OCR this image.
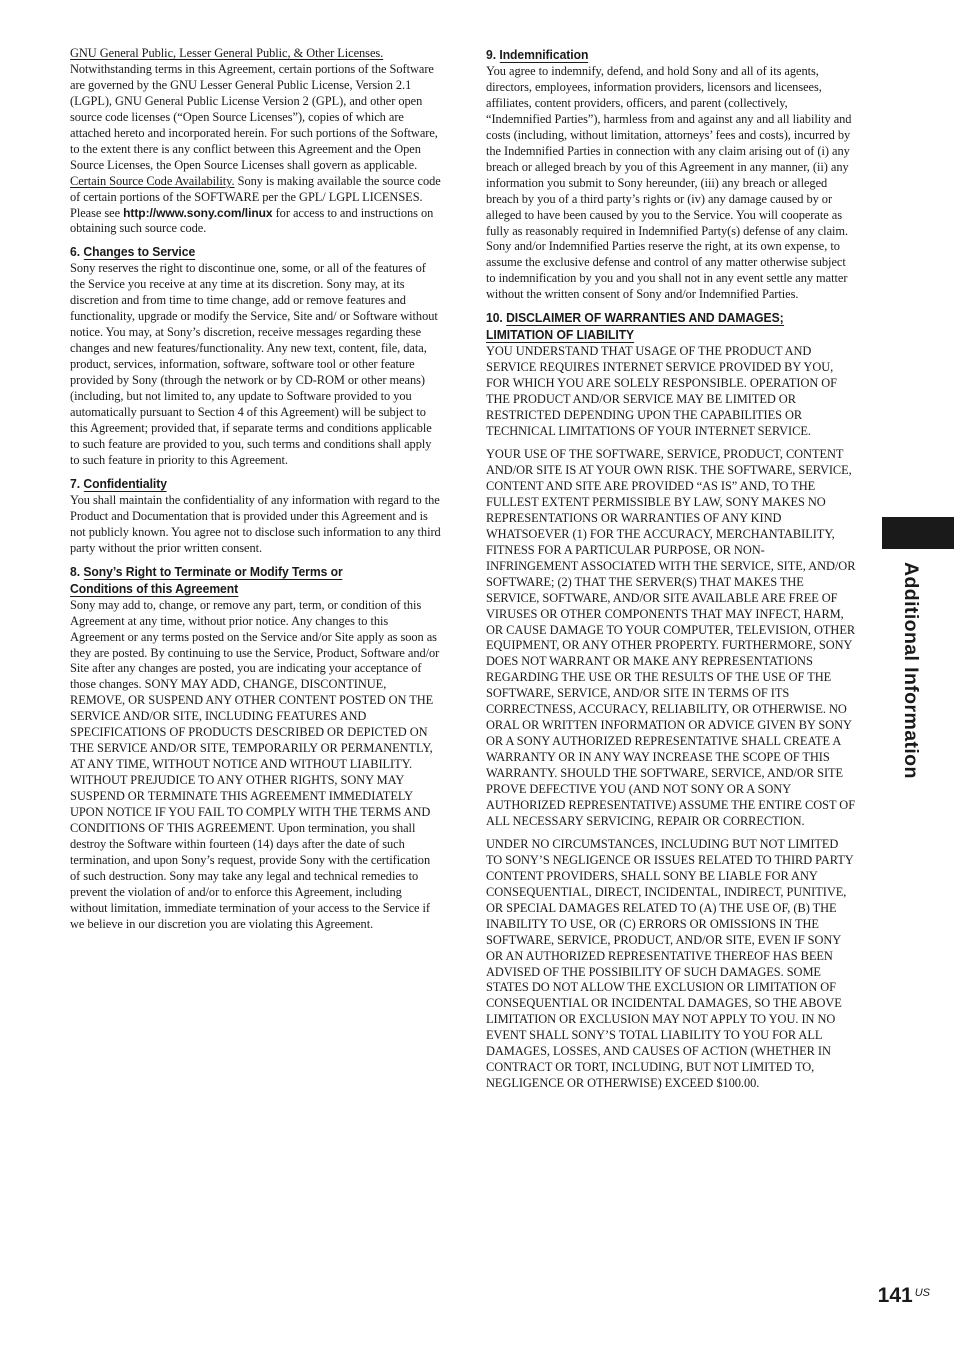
GNU General Public, Lesser General Public, & Other Licenses. Notwithstanding terms in this Agreement, certain portions of the Software are governed by the GNU Lesser General Public License, Version 2.1 (LGPL), GNU General Public License Version 2 (GPL), and other open source code licenses (“Open Source Licenses”), copies of which are attached hereto and incorporated herein. For such portions of the Software, to the extent there is any conflict between this Agreement and the Open Source Licenses, the Open Source Licenses shall govern as applicable.

Certain Source Code Availability. Sony is making available the source code of certain portions of the SOFTWARE per the GPL/ LGPL LICENSES. Please see http://www.sony.com/linux for access to and instructions on obtaining such source code.

6. Changes to Service

Sony reserves the right to discontinue one, some, or all of the features of the Service you receive at any time at its discretion. Sony may, at its discretion and from time to time change, add or remove features and functionality, upgrade or modify the Service, Site and/ or Software without notice. You may, at Sony’s discretion, receive messages regarding these changes and new features/functionality. Any new text, content, file, data, product, services, information, software, software tool or other feature provided by Sony (through the network or by CD-ROM or other means) (including, but not limited to, any update to Software provided to you automatically pursuant to Section 4 of this Agreement) will be subject to this Agreement; provided that, if separate terms and conditions applicable to such feature are provided to you, such terms and conditions shall apply to such feature in priority to this Agreement.

7. Confidentiality

You shall maintain the confidentiality of any information with regard to the Product and Documentation that is provided under this Agreement and is not publicly known. You agree not to disclose such information to any third party without the prior written consent.

8. Sony’s Right to Terminate or Modify Terms or
Conditions of this Agreement

Sony may add to, change, or remove any part, term, or condition of this Agreement at any time, without prior notice. Any changes to this Agreement or any terms posted on the Service and/or Site apply as soon as they are posted. By continuing to use the Service, Product, Software and/or Site after any changes are posted, you are indicating your acceptance of those changes. SONY MAY ADD, CHANGE, DISCONTINUE, REMOVE, OR SUSPEND ANY OTHER CONTENT POSTED ON THE SERVICE AND/OR SITE, INCLUDING FEATURES AND SPECIFICATIONS OF PRODUCTS DESCRIBED OR DEPICTED ON THE SERVICE AND/OR SITE, TEMPORARILY OR PERMANENTLY, AT ANY TIME, WITHOUT NOTICE AND WITHOUT LIABILITY. WITHOUT PREJUDICE TO ANY OTHER RIGHTS, SONY MAY SUSPEND OR TERMINATE THIS AGREEMENT IMMEDIATELY UPON NOTICE IF YOU FAIL TO COMPLY WITH THE TERMS AND CONDITIONS OF THIS AGREEMENT. Upon termination, you shall destroy the Software within fourteen (14) days after the date of such termination, and upon Sony’s request, provide Sony with the certification of such destruction. Sony may take any legal and technical remedies to prevent the violation of and/or to enforce this Agreement, including without limitation, immediate termination of your access to the Service if we believe in our discretion you are violating this Agreement.

9. Indemnification

You agree to indemnify, defend, and hold Sony and all of its agents, directors, employees, information providers, licensors and licensees, affiliates, content providers, officers, and parent (collectively, “Indemnified Parties”), harmless from and against any and all liability and costs (including, without limitation, attorneys’ fees and costs), incurred by the Indemnified Parties in connection with any claim arising out of (i) any breach or alleged breach by you of this Agreement in any manner, (ii) any information you submit to Sony hereunder, (iii) any breach or alleged breach by you of a third party’s rights or (iv) any damage caused by or alleged to have been caused by you to the Service. You will cooperate as fully as reasonably required in Indemnified Party(s) defense of any claim. Sony and/or Indemnified Parties reserve the right, at its own expense, to assume the exclusive defense and control of any matter otherwise subject to indemnification by you and you shall not in any event settle any matter without the written consent of Sony and/or Indemnified Parties.

10. DISCLAIMER OF WARRANTIES AND DAMAGES;
LIMITATION OF LIABILITY

YOU UNDERSTAND THAT USAGE OF THE PRODUCT AND SERVICE REQUIRES INTERNET SERVICE PROVIDED BY YOU, FOR WHICH YOU ARE SOLELY RESPONSIBLE. OPERATION OF THE PRODUCT AND/OR SERVICE MAY BE LIMITED OR RESTRICTED DEPENDING UPON THE CAPABILITIES OR TECHNICAL LIMITATIONS OF YOUR INTERNET SERVICE.

YOUR USE OF THE SOFTWARE, SERVICE, PRODUCT, CONTENT AND/OR SITE IS AT YOUR OWN RISK. THE SOFTWARE, SERVICE, CONTENT AND SITE ARE PROVIDED “AS IS” AND, TO THE FULLEST EXTENT PERMISSIBLE BY LAW, SONY MAKES NO REPRESENTATIONS OR WARRANTIES OF ANY KIND WHATSOEVER (1) FOR THE ACCURACY, MERCHANTABILITY, FITNESS FOR A PARTICULAR PURPOSE, OR NON-INFRINGEMENT ASSOCIATED WITH THE SERVICE, SITE, AND/OR SOFTWARE; (2) THAT THE SERVER(S) THAT MAKES THE SERVICE, SOFTWARE, AND/OR SITE AVAILABLE ARE FREE OF VIRUSES OR OTHER COMPONENTS THAT MAY INFECT, HARM, OR CAUSE DAMAGE TO YOUR COMPUTER, TELEVISION, OTHER EQUIPMENT, OR ANY OTHER PROPERTY. FURTHERMORE, SONY DOES NOT WARRANT OR MAKE ANY REPRESENTATIONS REGARDING THE USE OR THE RESULTS OF THE USE OF THE SOFTWARE, SERVICE, AND/OR SITE IN TERMS OF ITS CORRECTNESS, ACCURACY, RELIABILITY, OR OTHERWISE. NO ORAL OR WRITTEN INFORMATION OR ADVICE GIVEN BY SONY OR A SONY AUTHORIZED REPRESENTATIVE SHALL CREATE A WARRANTY OR IN ANY WAY INCREASE THE SCOPE OF THIS WARRANTY. SHOULD THE SOFTWARE, SERVICE, AND/OR SITE PROVE DEFECTIVE YOU (AND NOT SONY OR A SONY AUTHORIZED REPRESENTATIVE) ASSUME THE ENTIRE COST OF ALL NECESSARY SERVICING, REPAIR OR CORRECTION.

UNDER NO CIRCUMSTANCES, INCLUDING BUT NOT LIMITED TO SONY’S NEGLIGENCE OR ISSUES RELATED TO THIRD PARTY CONTENT PROVIDERS, SHALL SONY BE LIABLE FOR ANY CONSEQUENTIAL, DIRECT, INCIDENTAL, INDIRECT, PUNITIVE, OR SPECIAL DAMAGES RELATED TO (A) THE USE OF, (B) THE INABILITY TO USE, OR (C) ERRORS OR OMISSIONS IN THE SOFTWARE, SERVICE, PRODUCT, AND/OR SITE, EVEN IF SONY OR AN AUTHORIZED REPRESENTATIVE THEREOF HAS BEEN ADVISED OF THE POSSIBILITY OF SUCH DAMAGES. SOME STATES DO NOT ALLOW THE EXCLUSION OR LIMITATION OF CONSEQUENTIAL OR INCIDENTAL DAMAGES, SO THE ABOVE LIMITATION OR EXCLUSION MAY NOT APPLY TO YOU. IN NO EVENT SHALL SONY’S TOTAL LIABILITY TO YOU FOR ALL DAMAGES, LOSSES, AND CAUSES OF ACTION (WHETHER IN CONTRACT OR TORT, INCLUDING, BUT NOT LIMITED TO, NEGLIGENCE OR OTHERWISE) EXCEED $100.00.

Additional Information
141 $^{US}$
